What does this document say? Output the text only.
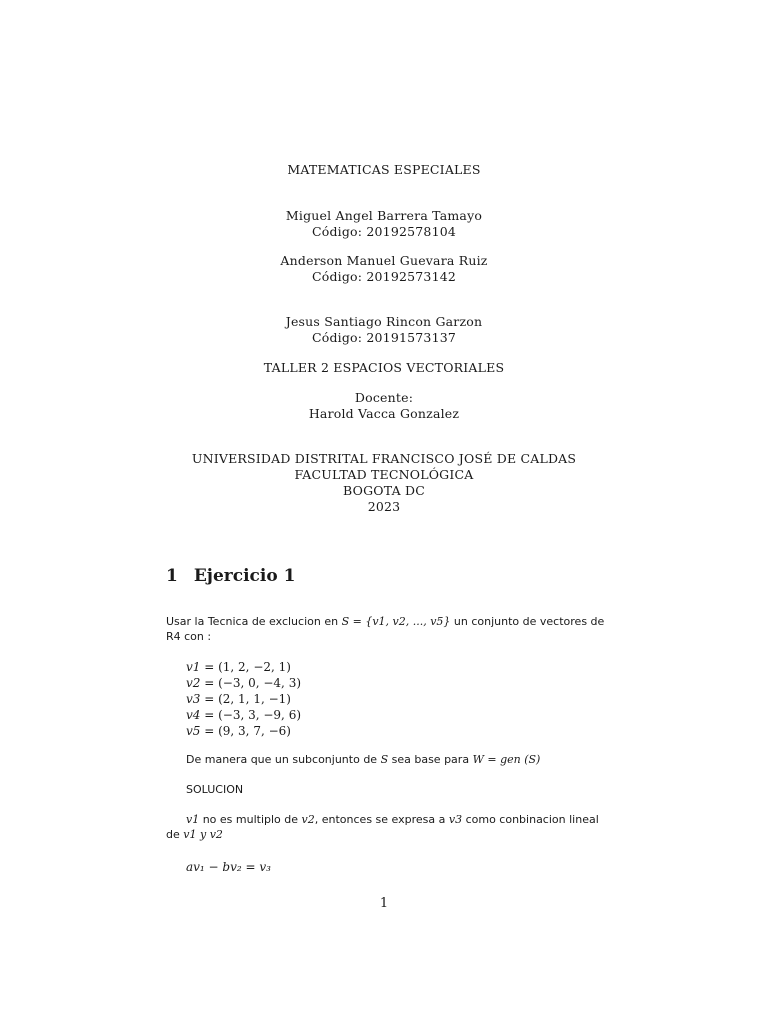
MATEMATICAS ESPECIALES
Miguel Angel Barrera Tamayo
Código: 20192578104
Anderson Manuel Guevara Ruiz
Código: 20192573142
Jesus Santiago Rincon Garzon
Código: 20191573137
TALLER 2 ESPACIOS VECTORIALES
Docente:
Harold Vacca Gonzalez
UNIVERSIDAD DISTRITAL FRANCISCO JOSÉ DE CALDAS
FACULTAD TECNOLÓGICA
BOGOTA DC
2023
1 Ejercicio 1
Usar la Tecnica de exclucion en S = {v1, v2, ..., v5} un conjunto de vectores de
R4 con :
v1 = (1, 2, −2, 1)
v2 = (−3, 0, −4, 3)
v3 = (2, 1, 1, −1)
v4 = (−3, 3, −9, 6)
v5 = (9, 3, 7, −6)
De manera que un subconjunto de S sea base para W = gen (S)
SOLUCION
v1 no es multiplo de v2, entonces se expresa a v3 como conbinacion lineal
de v1 y v2
av₁ − bv₂ = v₃
1
